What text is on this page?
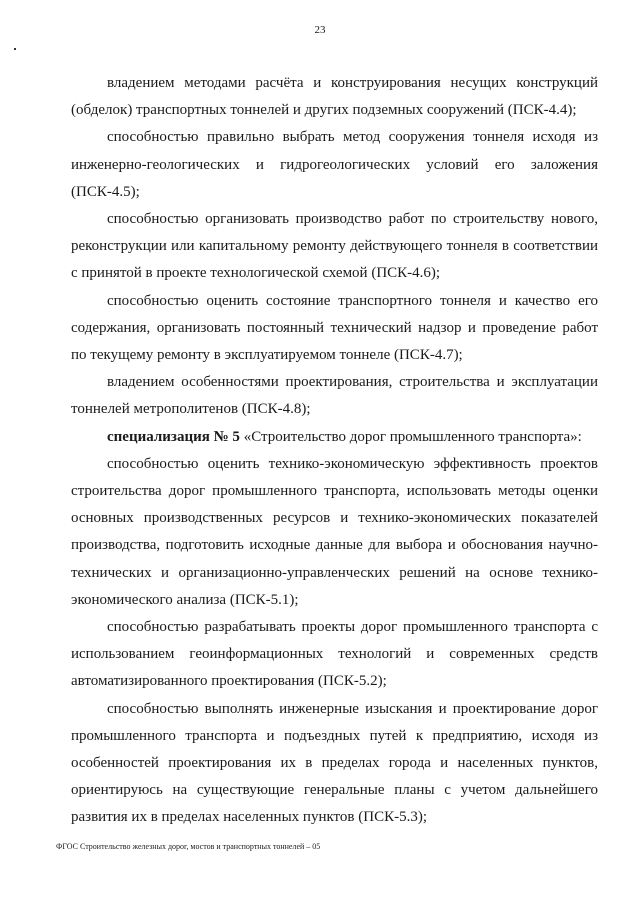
23

владением методами расчёта и конструирования несущих конструкций (обделок) транспортных тоннелей и других подземных сооружений (ПСК-4.4);

способностью правильно выбрать метод сооружения тоннеля исходя из инженерно-геологических и гидрогеологических условий его заложения (ПСК-4.5);

способностью организовать производство работ по строительству нового, реконструкции или капитальному ремонту действующего тоннеля в соответствии с принятой в проекте технологической схемой (ПСК-4.6);

способностью оценить состояние транспортного тоннеля и качество его содержания, организовать постоянный технический надзор и проведение работ по текущему ремонту в эксплуатируемом тоннеле (ПСК-4.7);

владением особенностями проектирования, строительства и эксплуатации тоннелей метрополитенов (ПСК-4.8);

специализация № 5 «Строительство дорог промышленного транспорта»:

способностью оценить технико-экономическую эффективность проектов строительства дорог промышленного транспорта, использовать методы оценки основных производственных ресурсов и технико-экономических показателей производства, подготовить исходные данные для выбора и обоснования научно-технических и организационно-управленческих решений на основе технико-экономического анализа (ПСК-5.1);

способностью разрабатывать проекты дорог промышленного транспорта с использованием геоинформационных технологий и современных средств автоматизированного проектирования (ПСК-5.2);

способностью выполнять инженерные изыскания и проектирование дорог промышленного транспорта и подъездных путей к предприятию, исходя из особенностей проектирования их в пределах города и населенных пунктов, ориентируюсь на существующие генеральные планы с учетом дальнейшего развития их в пределах населенных пунктов (ПСК-5.3);

ФГОС Строительство железных дорог, мостов и транспортных тоннелей – 05
